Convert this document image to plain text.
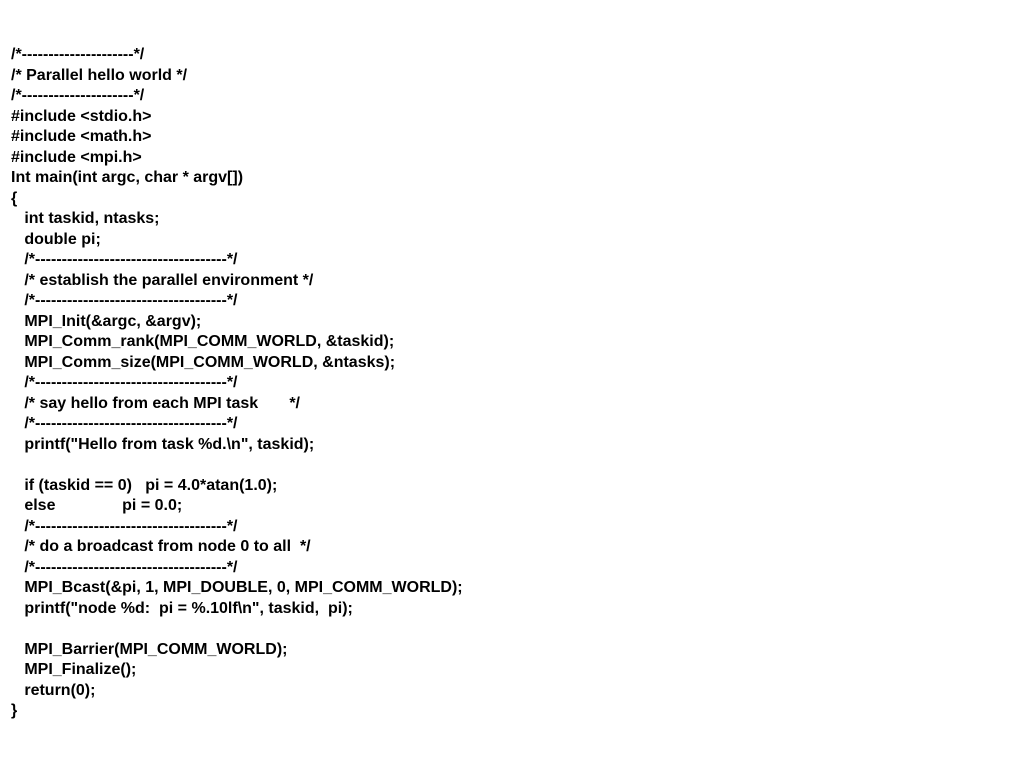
/*---------------------*/
/* Parallel hello world */
/*---------------------*/
#include <stdio.h>
#include <math.h>
#include <mpi.h>
Int main(int argc, char * argv[])
{
int taskid, ntasks;
double pi;
/*------------------------------------*/
/* establish the parallel environment */
/*------------------------------------*/
MPI_Init(&argc, &argv);
MPI_Comm_rank(MPI_COMM_WORLD, &taskid);
MPI_Comm_size(MPI_COMM_WORLD, &ntasks);
/*------------------------------------*/
/* say hello from each MPI task       */
/*------------------------------------*/
printf("Hello from task %d.\n", taskid);
if (taskid == 0)   pi = 4.0*atan(1.0);
else               pi = 0.0;
/*------------------------------------*/
/* do a broadcast from node 0 to all  */
/*------------------------------------*/
MPI_Bcast(&pi, 1, MPI_DOUBLE, 0, MPI_COMM_WORLD);
printf("node %d:  pi = %.10lf\n", taskid,  pi);
MPI_Barrier(MPI_COMM_WORLD);
MPI_Finalize();
return(0);
}
